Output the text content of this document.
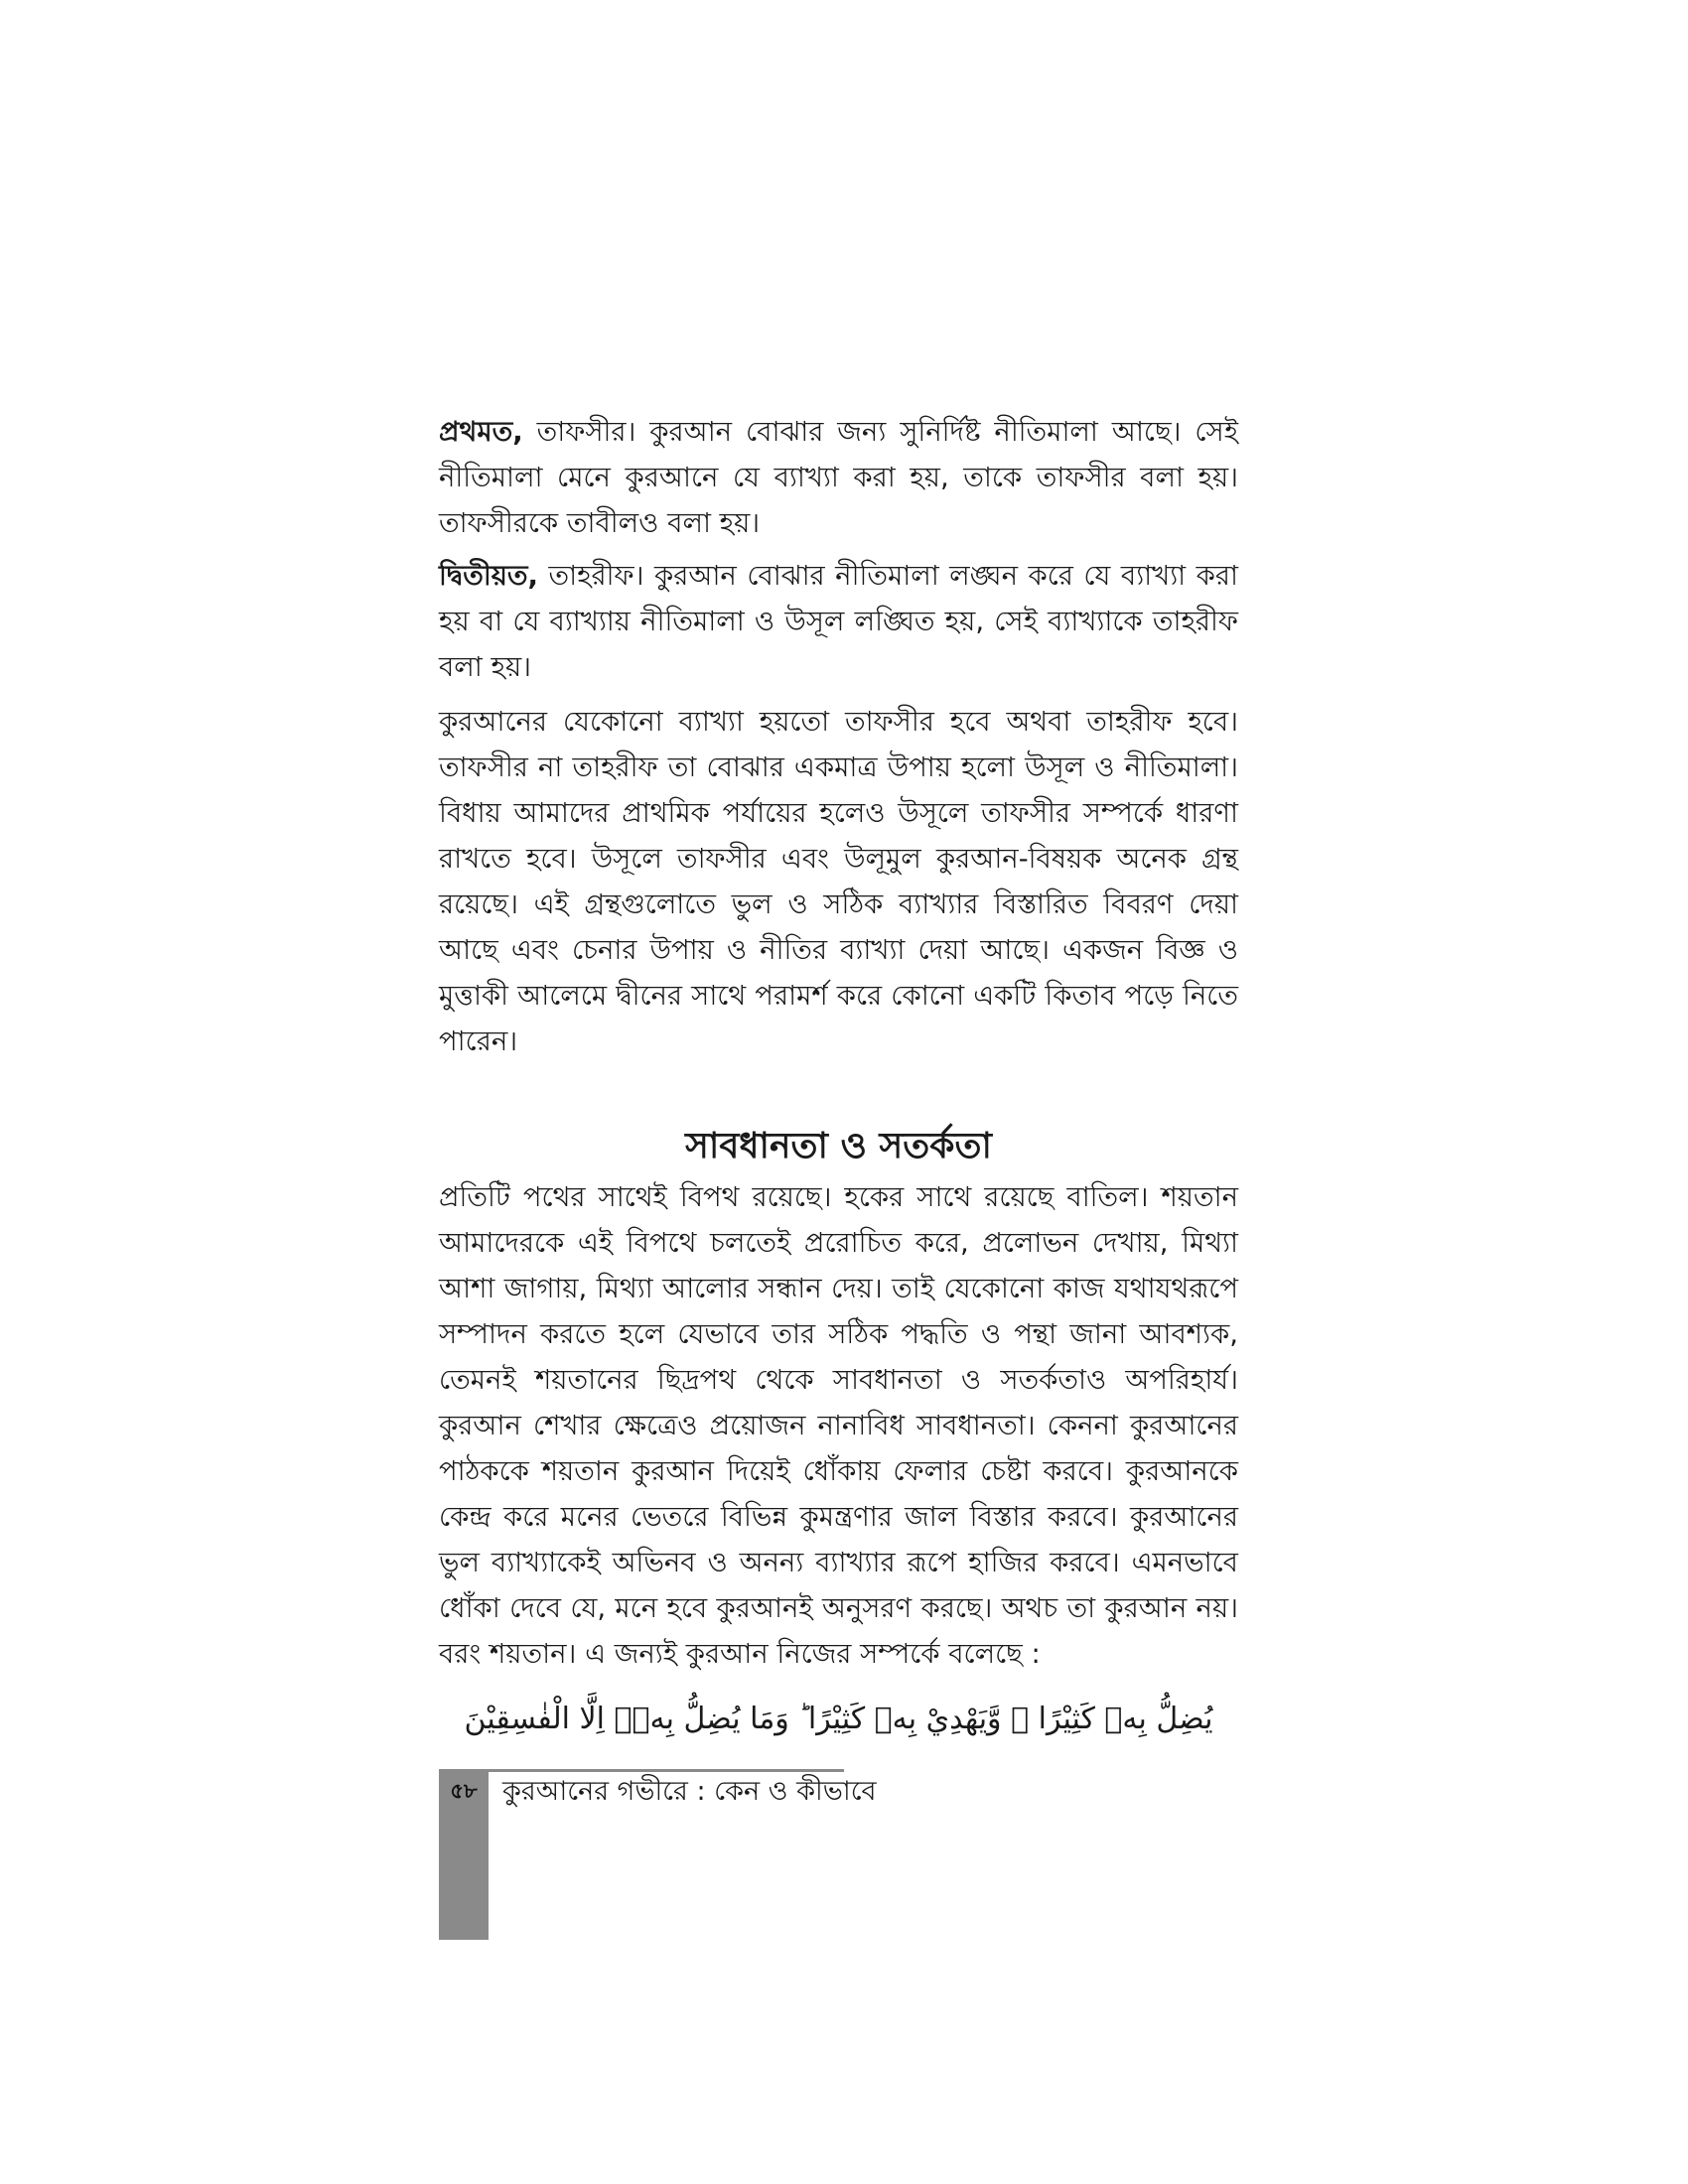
প্রথমত, তাফসীর। কুরআন বোঝার জন্য সুনির্দিষ্ট নীতিমালা আছে। সেই নীতিমালা মেনে কুরআনে যে ব্যাখ্যা করা হয়, তাকে তাফসীর বলা হয়। তাফসীরকে তাবীলও বলা হয়।

দ্বিতীয়ত, তাহরীফ। কুরআন বোঝার নীতিমালা লঙ্ঘন করে যে ব্যাখ্যা করা হয় বা যে ব্যাখ্যায় নীতিমালা ও উসূল লঙ্ঘিত হয়, সেই ব্যাখ্যাকে তাহরীফ বলা হয়।

কুরআনের যেকোনো ব্যাখ্যা হয়তো তাফসীর হবে অথবা তাহরীফ হবে। তাফসীর না তাহরীফ তা বোঝার একমাত্র উপায় হলো উসূল ও নীতিমালা। বিধায় আমাদের প্রাথমিক পর্যায়ের হলেও উসূলে তাফসীর সম্পর্কে ধারণা রাখতে হবে। উসূলে তাফসীর এবং উলূমুল কুরআন-বিষয়ক অনেক গ্রন্থ রয়েছে। এই গ্রন্থগুলোতে ভুল ও সঠিক ব্যাখ্যার বিস্তারিত বিবরণ দেয়া আছে এবং চেনার উপায় ও নীতির ব্যাখ্যা দেয়া আছে। একজন বিজ্ঞ ও মুত্তাকী আলেমে দ্বীনের সাথে পরামর্শ করে কোনো একটি কিতাব পড়ে নিতে পারেন।

সাবধানতা ও সতর্কতা

প্রতিটি পথের সাথেই বিপথ রয়েছে। হকের সাথে রয়েছে বাতিল। শয়তান আমাদেরকে এই বিপথে চলতেই প্ররোচিত করে, প্রলোভন দেখায়, মিথ্যা আশা জাগায়, মিথ্যা আলোর সন্ধান দেয়। তাই যেকোনো কাজ যথাযথরূপে সম্পাদন করতে হলে যেভাবে তার সঠিক পদ্ধতি ও পন্থা জানা আবশ্যক, তেমনই শয়তানের ছিদ্রপথ থেকে সাবধানতা ও সতর্কতাও অপরিহার্য। কুরআন শেখার ক্ষেত্রেও প্রয়োজন নানাবিধ সাবধানতা। কেননা কুরআনের পাঠককে শয়তান কুরআন দিয়েই ধোঁকায় ফেলার চেষ্টা করবে। কুরআনকে কেন্দ্র করে মনের ভেতরে বিভিন্ন কুমন্ত্রণার জাল বিস্তার করবে। কুরআনের ভুল ব্যাখ্যাকেই অভিনব ও অনন্য ব্যাখ্যার রূপে হাজির করবে। এমনভাবে ধোঁকা দেবে যে, মনে হবে কুরআনই অনুসরণ করছে। অথচ তা কুরআন নয়। বরং শয়তান। এ জন্যই কুরআন নিজের সম্পর্কে বলেছে :

يُضِلُّ بِهٖ كَثِيْرًا ۙ وَّيَهْدِيْ بِهٖ كَثِيْرًا ؕ وَمَا يُضِلُّ بِهٖۤ اِلَّا الْفٰسِقِيْنَ
৫৮ কুরআনের গভীরে : কেন ও কীভাবে
